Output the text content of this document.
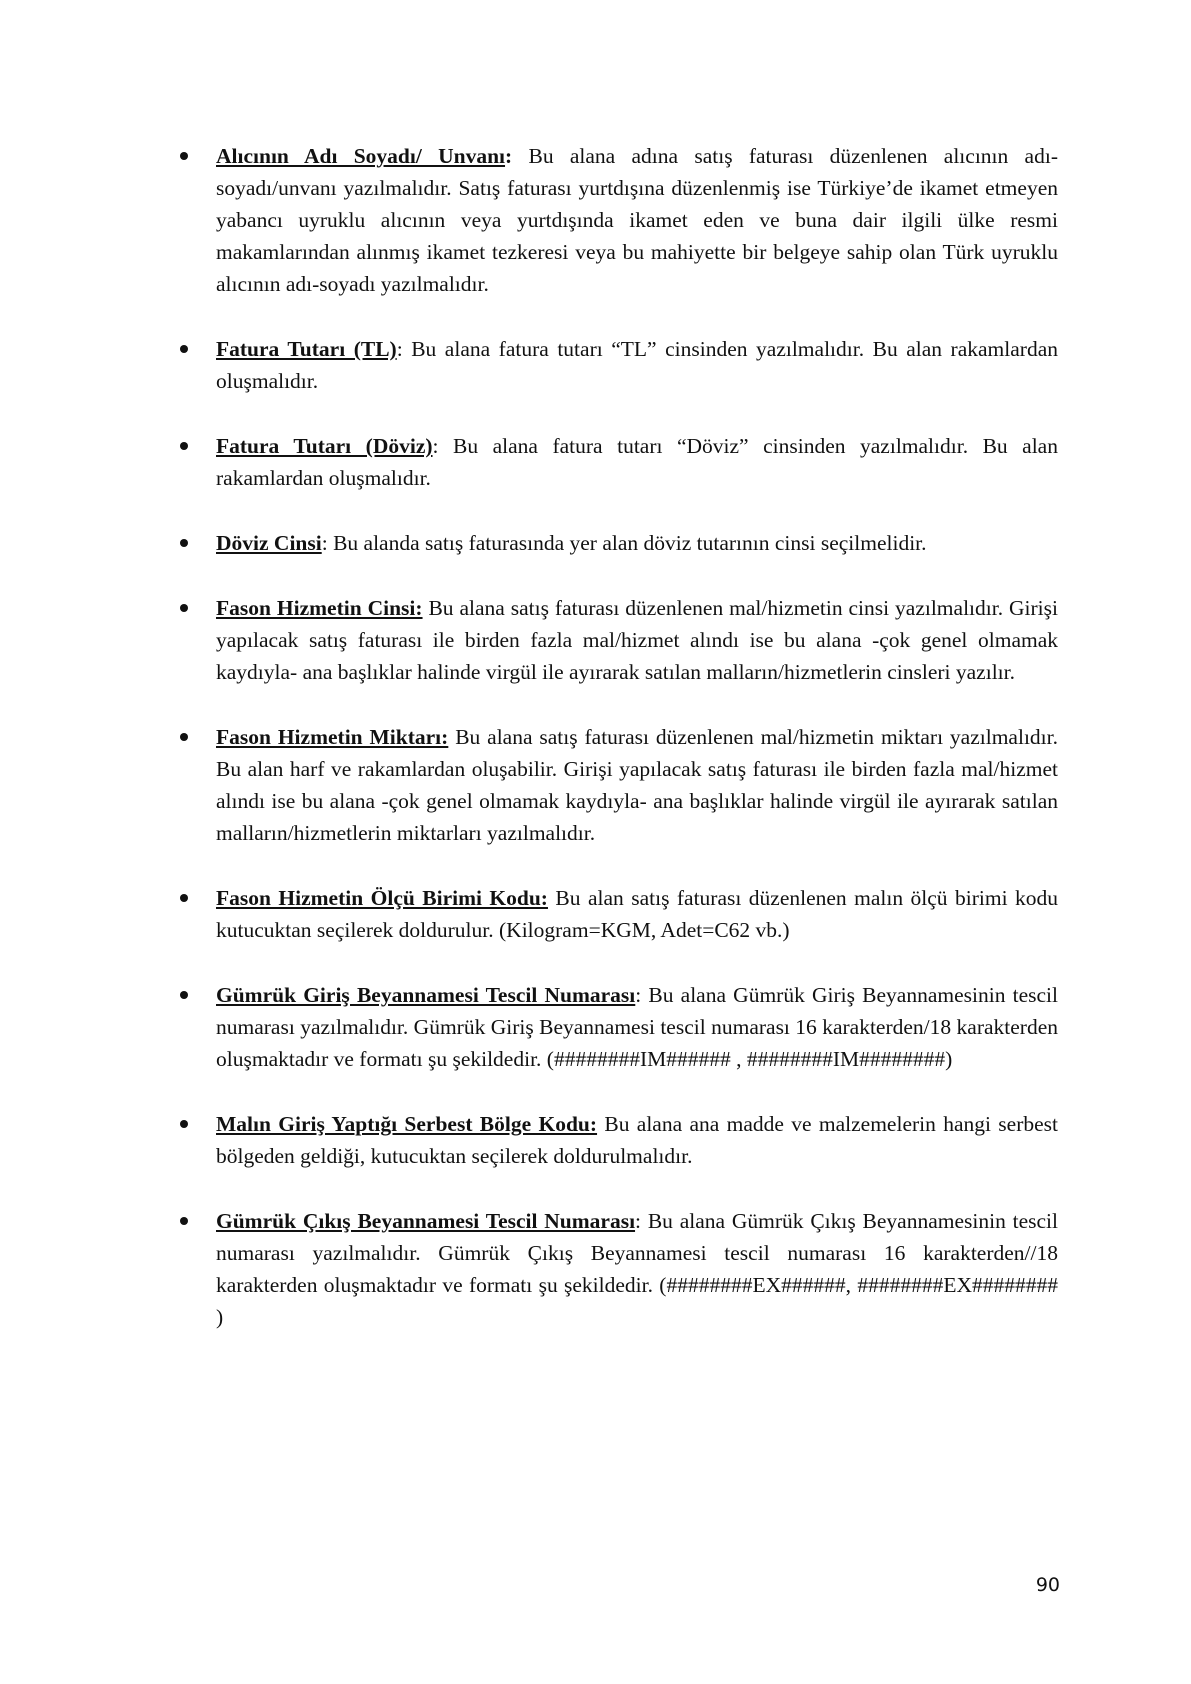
Alıcının Adı Soyadı/ Unvanı: Bu alana adına satış faturası düzenlenen alıcının adı-soyadı/unvanı yazılmalıdır. Satış faturası yurtdışına düzenlenmiş ise Türkiye’de ikamet etmeyen yabancı uyruklu alıcının veya yurtdışında ikamet eden ve buna dair ilgili ülke resmi makamlarından alınmış ikamet tezkeresi veya bu mahiyette bir belgeye sahip olan Türk uyruklu alıcının adı-soyadı yazılmalıdır.
Fatura Tutarı (TL): Bu alana fatura tutarı “TL” cinsinden yazılmalıdır. Bu alan rakamlardan oluşmalıdır.
Fatura Tutarı (Döviz): Bu alana fatura tutarı “Döviz” cinsinden yazılmalıdır. Bu alan rakamlardan oluşmalıdır.
Döviz Cinsi: Bu alanda satış faturasında yer alan döviz tutarının cinsi seçilmelidir.
Fason Hizmetin Cinsi: Bu alana satış faturası düzenlenen mal/hizmetin cinsi yazılmalıdır. Girişi yapılacak satış faturası ile birden fazla mal/hizmet alındı ise bu alana -çok genel olmamak kaydıyla- ana başlıklar halinde virgül ile ayırarak satılan malların/hizmetlerin cinsleri yazılır.
Fason Hizmetin Miktarı: Bu alana satış faturası düzenlenen mal/hizmetin miktarı yazılmalıdır. Bu alan harf ve rakamlardan oluşabilir. Girişi yapılacak satış faturası ile birden fazla mal/hizmet alındı ise bu alana -çok genel olmamak kaydıyla- ana başlıklar halinde virgül ile ayırarak satılan malların/hizmetlerin miktarları yazılmalıdır.
Fason Hizmetin Ölçü Birimi Kodu: Bu alan satış faturası düzenlenen malın ölçü birimi kodu kutucuktan seçilerek doldurulur. (Kilogram=KGM, Adet=C62 vb.)
Gümrük Giriş Beyannamesi Tescil Numarası: Bu alana Gümrük Giriş Beyannamesinin tescil numarası yazılmalıdır. Gümrük Giriş Beyannamesi tescil numarası 16 karakterden/18 karakterden oluşmaktadır ve formatı şu şekildedir. (########IM###### , ########IM########)
Malın Giriş Yaptığı Serbest Bölge Kodu: Bu alana ana madde ve malzemelerin hangi serbest bölgeden geldiği, kutucuktan seçilerek doldurulmalıdır.
Gümrük Çıkış Beyannamesi Tescil Numarası: Bu alana Gümrük Çıkış Beyannamesinin tescil numarası yazılmalıdır. Gümrük Çıkış Beyannamesi tescil numarası 16 karakterden//18 karakterden oluşmaktadır ve formatı şu şekildedir. (########EX######, ########EX######## )
90
